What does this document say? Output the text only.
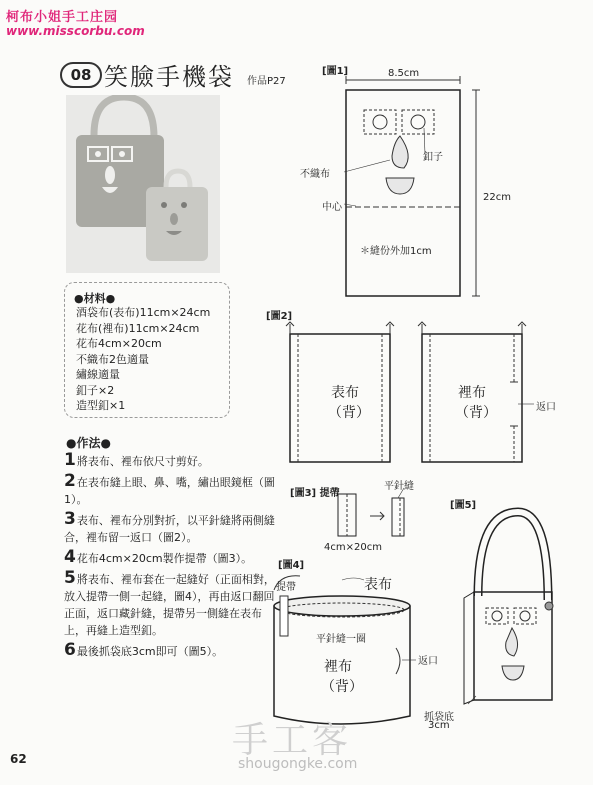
柯布小姐手工庄园
www.misscorbu.com
08 笑臉手機袋 作品P27
●材料●
酒袋布(表布)11cm×24cm
花布(裡布)11cm×24cm
花布4cm×20cm
不織布2色適量
繡線適量
釦子×2
造型釦×1
●作法●
1將表布、裡布依尺寸剪好。
2在表布縫上眼、鼻、嘴，繡出眼鏡框（圖1）。
3表布、裡布分別對折，以平針縫將兩側縫合，裡布留一返口（圖2）。
4花布4cm×20cm製作提帶（圖3）。
5將表布、裡布套在一起縫好（正面相對，放入提帶一側一起縫，圖4），再由返口翻回正面，返口藏針縫，提帶另一側縫在表布上，再縫上造型釦。
6最後抓袋底3cm即可（圖5）。
[圖1]	8.5cm
22cm
釦子
不織布
中心
＊縫份外加1cm
[圖2]
表布
（背）
裡布
（背）	返口
[圖3] 提帶
平針縫
4cm×20cm
[圖4]
提帶	表布
平針縫一圈
裡布
（背）
返口
[圖5]
抓袋底
3cm
62	手工客
shougongke.com
